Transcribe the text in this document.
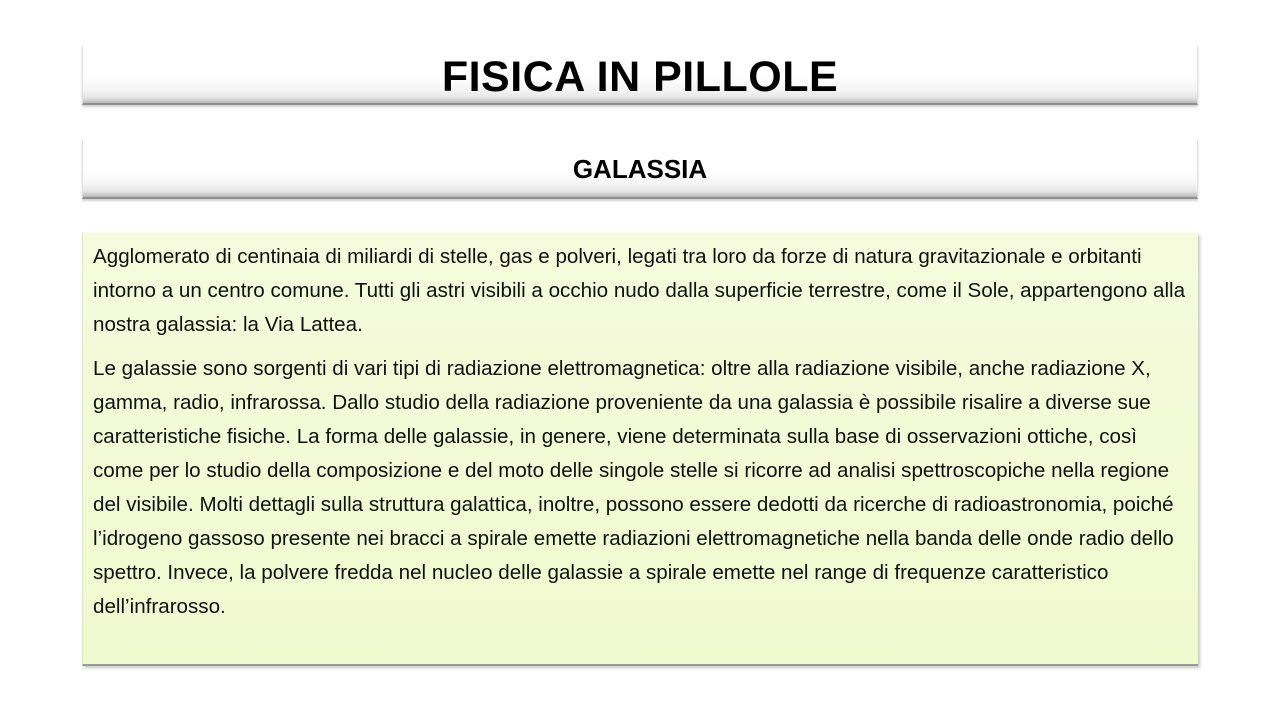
FISICA IN PILLOLE
GALASSIA

Agglomerato di centinaia di miliardi di stelle, gas e polveri, legati tra loro da forze di natura gravitazionale e orbitanti intorno a un centro comune. Tutti gli astri visibili a occhio nudo dalla superficie terrestre, come il Sole, appartengono alla nostra galassia: la Via Lattea.

Le galassie sono sorgenti di vari tipi di radiazione elettromagnetica: oltre alla radiazione visibile, anche radiazione X, gamma, radio, infrarossa. Dallo studio della radiazione proveniente da una galassia è possibile risalire a diverse sue caratteristiche fisiche. La forma delle galassie, in genere, viene determinata sulla base di osservazioni ottiche, così come per lo studio della composizione e del moto delle singole stelle si ricorre ad analisi spettroscopiche nella regione del visibile. Molti dettagli sulla struttura galattica, inoltre, possono essere dedotti da ricerche di radioastronomia, poiché l’idrogeno gassoso presente nei bracci a spirale emette radiazioni elettromagnetiche nella banda delle onde radio dello spettro. Invece, la polvere fredda nel nucleo delle galassie a spirale emette nel range di frequenze caratteristico dell’infrarosso.
